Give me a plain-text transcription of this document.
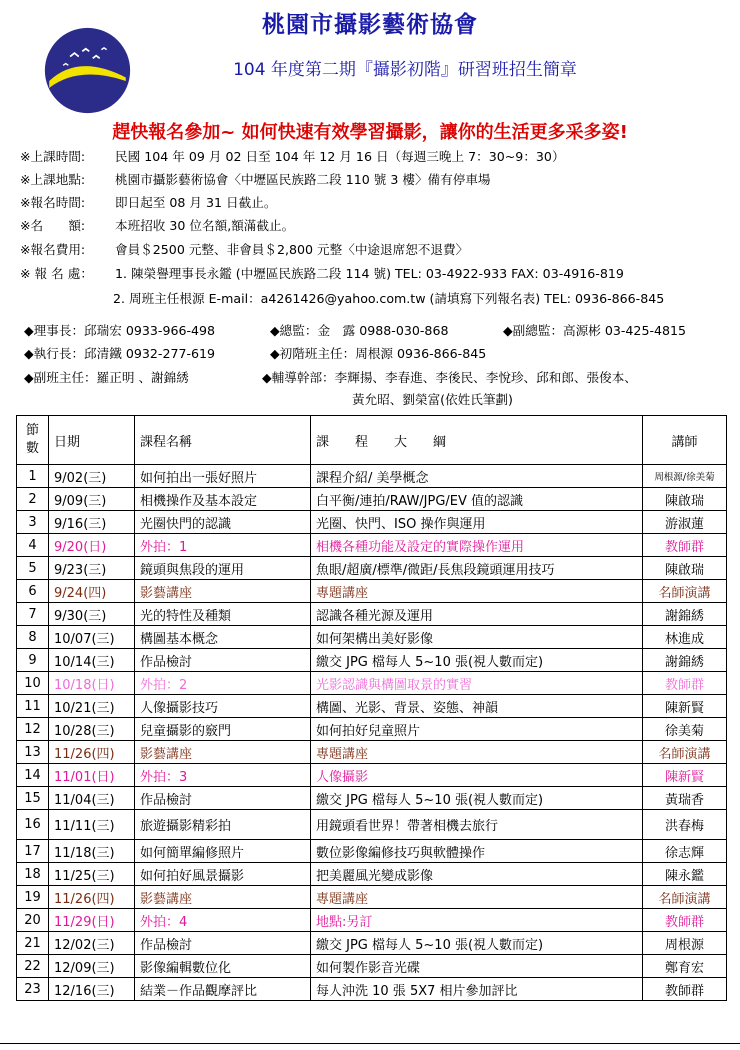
桃園市攝影藝術協會
104 年度第二期『攝影初階』研習班招生簡章
趕快報名參加~ 如何快速有效學習攝影，讓你的生活更多采多姿!
※上課時間: 民國 104 年 09 月 02 日至 104 年 12 月 16 日（每週三晚上 7：30~9：30）
※上課地點: 桃園市攝影藝術協會〈中壢區民族路二段 110 號 3 樓〉備有停車場
※報名時間: 即日起至 08 月 31 日截止。
※名　　額: 本班招收 30 位名額,額滿截止。
※報名費用: 會員＄2500 元整、非會員＄2,800 元整〈中途退席恕不退費〉
※ 報 名 處： 1. 陳榮譽理事長永鑑 (中壢區民族路二段 114 號) TEL: 03-4922-933 FAX: 03-4916-819
2. 周班主任根源 E-mail：a4261426@yahoo.com.tw (請填寫下列報名表) TEL: 0936-866-845
◆理事長：邱瑞宏 0933-966-498	◆總監：金　露 0988-030-868	◆副總監：高源彬 03-425-4815
◆執行長：邱清鐵 0932-277-619	◆初階班主任：周根源 0936-866-845
◆副班主任：羅正明 、謝錦綉	◆輔導幹部：李輝揚、李春進、李後民、李悅珍、邱和郎、張俊本、
黃允昭、劉榮富(依姓氏筆劃)
節
數	日期	課程名稱	課　　程　　大　　綱	講師
1	9/02(三)	如何拍出一張好照片	課程介紹/ 美學概念	周根源/徐美菊
2	9/09(三)	相機操作及基本設定	白平衡/連拍/RAW/JPG/EV 值的認識	陳啟瑞
3	9/16(三)	光圈快門的認識	光圈、快門、ISO 操作與運用	游淑蓮
4	9/20(日)	外拍：1	相機各種功能及設定的實際操作運用	教師群
5	9/23(三)	鏡頭與焦段的運用	魚眼/超廣/標準/微距/長焦段鏡頭運用技巧	陳啟瑞
6	9/24(四)	影藝講座	專題講座	名師演講
7	9/30(三)	光的特性及種類	認識各種光源及運用	謝錦綉
8	10/07(三)	構圖基本概念	如何架構出美好影像	林進成
9	10/14(三)	作品檢討	繳交 JPG 檔每人 5~10 張(視人數而定)	謝錦綉
10	10/18(日)	外拍：2	光影認識與構圖取景的實習	教師群
11	10/21(三)	人像攝影技巧	構圖、光影、背景、姿態、神韻	陳新賢
12	10/28(三)	兒童攝影的竅門	如何拍好兒童照片	徐美菊
13	11/26(四)	影藝講座	專題講座	名師演講
14	11/01(日)	外拍：3	人像攝影	陳新賢
15	11/04(三)	作品檢討	繳交 JPG 檔每人 5~10 張(視人數而定)	黃瑞香
16	11/11(三)	旅遊攝影精彩拍	用鏡頭看世界！帶著相機去旅行	洪春梅
17	11/18(三)	如何簡單編修照片	數位影像編修技巧與軟體操作	徐志輝
18	11/25(三)	如何拍好風景攝影	把美麗風光變成影像	陳永鑑
19	11/26(四)	影藝講座	專題講座	名師演講
20	11/29(日)	外拍：4	地點:另訂	教師群
21	12/02(三)	作品檢討	繳交 JPG 檔每人 5~10 張(視人數而定)	周根源
22	12/09(三)	影像編輯數位化	如何製作影音光碟	鄭育宏
23	12/16(三)	結業－作品觀摩評比	每人沖洗 10 張 5X7 相片參加評比	教師群
